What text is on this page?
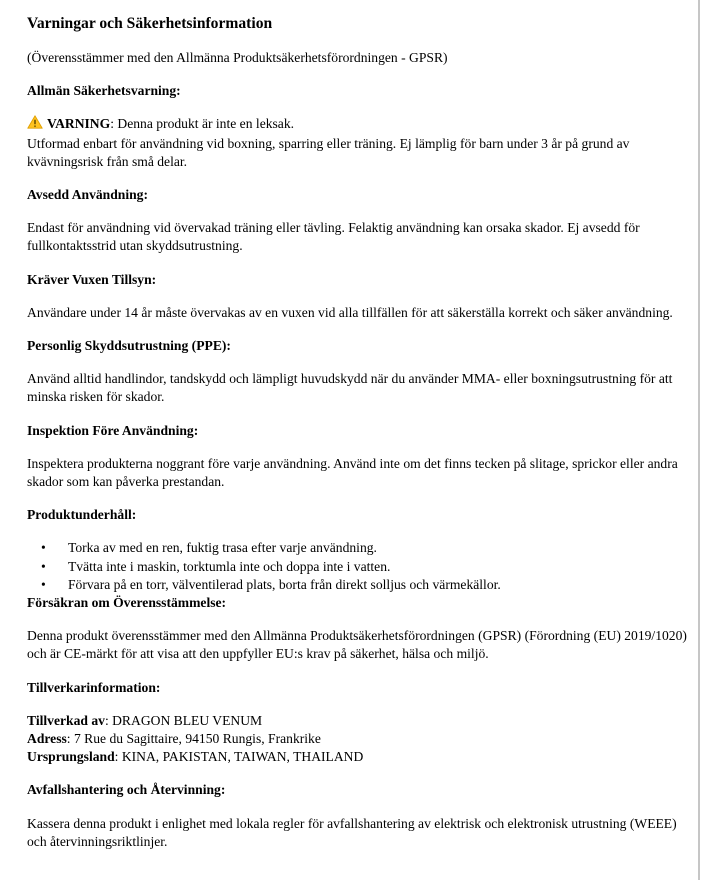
Varningar och Säkerhetsinformation

(Överensstämmer med den Allmänna Produktsäkerhetsförordningen - GPSR)

Allmän Säkerhetsvarning:

VARNING: Denna produkt är inte en leksak.
Utformad enbart för användning vid boxning, sparring eller träning. Ej lämplig för barn under 3 år på grund av kvävningsrisk från små delar.

Avsedd Användning:

Endast för användning vid övervakad träning eller tävling. Felaktig användning kan orsaka skador. Ej avsedd för fullkontaktsstrid utan skyddsutrustning.

Kräver Vuxen Tillsyn:

Användare under 14 år måste övervakas av en vuxen vid alla tillfällen för att säkerställa korrekt och säker användning.

Personlig Skyddsutrustning (PPE):

Använd alltid handlindor, tandskydd och lämpligt huvudskydd när du använder MMA- eller boxningsutrustning för att minska risken för skador.

Inspektion Före Användning:

Inspektera produkterna noggrant före varje användning. Använd inte om det finns tecken på slitage, sprickor eller andra skador som kan påverka prestandan.

Produktunderhåll:
• Torka av med en ren, fuktig trasa efter varje användning.
• Tvätta inte i maskin, torktumla inte och doppa inte i vatten.
• Förvara på en torr, välventilerad plats, borta från direkt solljus och värmekällor.
Försäkran om Överensstämmelse:

Denna produkt överensstämmer med den Allmänna Produktsäkerhetsförordningen (GPSR) (Förordning (EU) 2019/1020) och är CE-märkt för att visa att den uppfyller EU:s krav på säkerhet, hälsa och miljö.

Tillverkarinformation:

Tillverkad av: DRAGON BLEU VENUM
Adress: 7 Rue du Sagittaire, 94150 Rungis, Frankrike
Ursprungsland: KINA, PAKISTAN, TAIWAN, THAILAND

Avfallshantering och Återvinning:

Kassera denna produkt i enlighet med lokala regler för avfallshantering av elektrisk och elektronisk utrustning (WEEE) och återvinningsriktlinjer.
